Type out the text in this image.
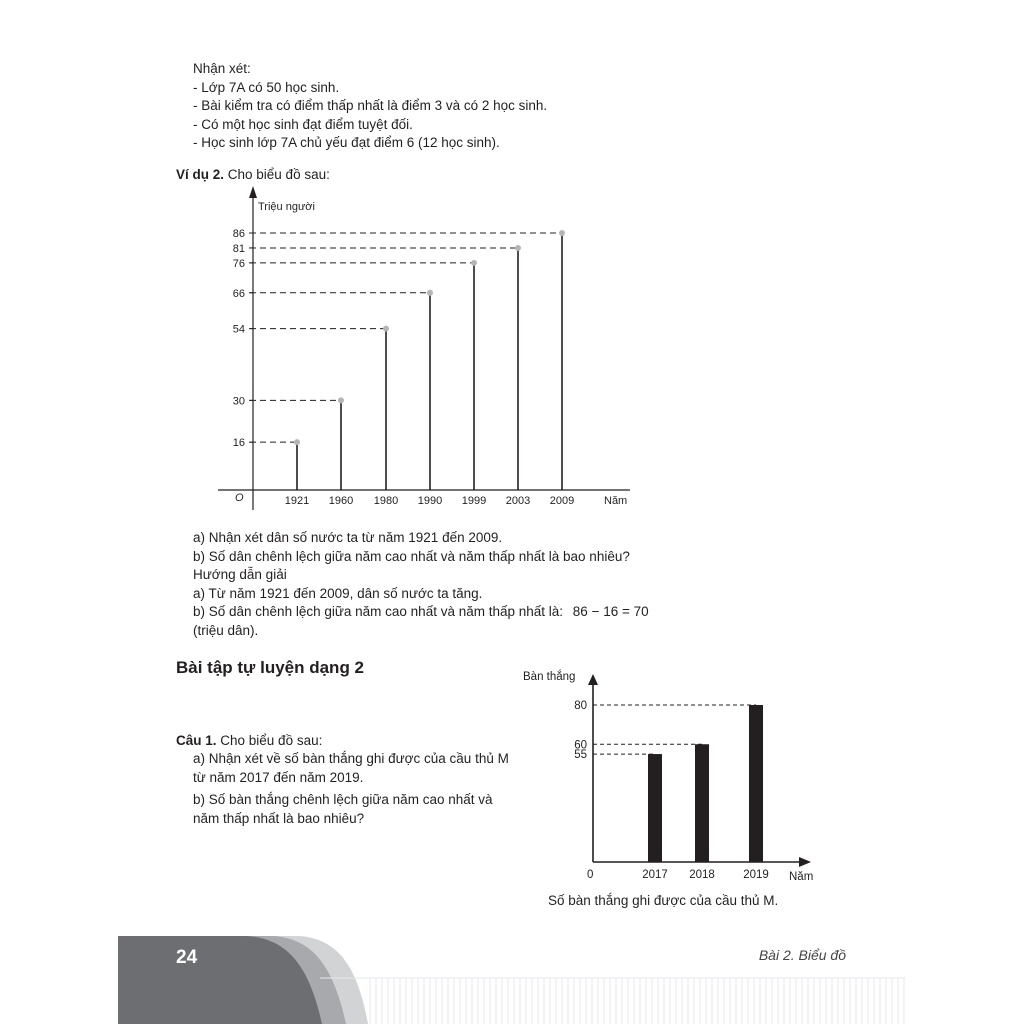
Nhận xét:
- Lớp 7A có 50 học sinh.
- Bài kiểm tra có điểm thấp nhất là điểm 3 và có 2 học sinh.
- Có một học sinh đạt điểm tuyệt đối.
- Học sinh lớp 7A chủ yếu đạt điểm 6 (12 học sinh).
Ví dụ 2. Cho biểu đồ sau:
Triệu người
O	Năm
16
1921
30
1960
54
1980
66
1990
76
1999
81
2003
86
2009
a) Nhận xét dân số nước ta từ năm 1921 đến 2009.
b) Số dân chênh lệch giữa năm cao nhất và năm thấp nhất là bao nhiêu?
Hướng dẫn giải
a) Từ năm 1921 đến 2009, dân số nước ta tăng.
b) Số dân chênh lệch giữa năm cao nhất và năm thấp nhất là: 86 − 16 = 70
(triệu dân).
Bài tập tự luyện dạng 2
Câu 1. Cho biểu đồ sau:
a) Nhận xét về số bàn thắng ghi được của cầu thủ M
từ năm 2017 đến năm 2019.
b) Số bàn thắng chênh lệch giữa năm cao nhất và
năm thấp nhất là bao nhiêu?
Bàn thắng
0	Năm
55
2017
60
2018
80
2019
Số bàn thắng ghi được của cầu thủ M.
24	Bài 2. Biểu đồ
